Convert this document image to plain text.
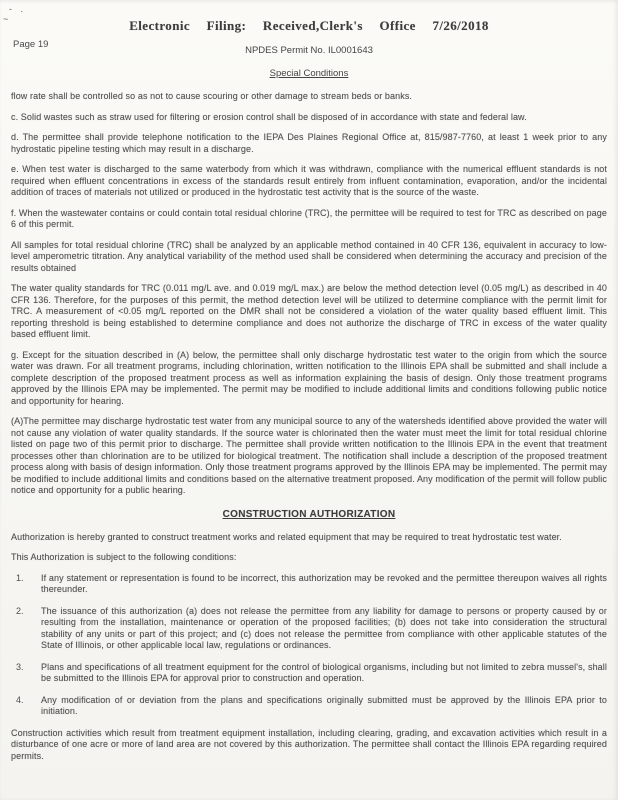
- .
~	Electronic Filing: Received,Clerk's Office 7/26/2018
Page 19
NPDES Permit No. IL0001643
Special Conditions

flow rate shall be controlled so as not to cause scouring or other damage to stream beds or banks.

c. Solid wastes such as straw used for filtering or erosion control shall be disposed of in accordance with state and federal law.

d. The permittee shall provide telephone notification to the IEPA Des Plaines Regional Office at, 815/987-7760, at least 1 week prior to any hydrostatic pipeline testing which may result in a discharge.

e. When test water is discharged to the same waterbody from which it was withdrawn, compliance with the numerical effluent standards is not required when effluent concentrations in excess of the standards result entirely from influent contamination, evaporation, and/or the incidental addition of traces of materials not utilized or produced in the hydrostatic test activity that is the source of the waste.

f. When the wastewater contains or could contain total residual chlorine (TRC), the permittee will be required to test for TRC as described on page 6 of this permit.

All samples for total residual chlorine (TRC) shall be analyzed by an applicable method contained in 40 CFR 136, equivalent in accuracy to low-level amperometric titration. Any analytical variability of the method used shall be considered when determining the accuracy and precision of the results obtained

The water quality standards for TRC (0.011 mg/L ave. and 0.019 mg/L max.) are below the method detection level (0.05 mg/L) as described in 40 CFR 136. Therefore, for the purposes of this permit, the method detection level will be utilized to determine compliance with the permit limit for TRC. A measurement of <0.05 mg/L reported on the DMR shall not be considered a violation of the water quality based effluent limit. This reporting threshold is being established to determine compliance and does not authorize the discharge of TRC in excess of the water quality based effluent limit.

g. Except for the situation described in (A) below, the permittee shall only discharge hydrostatic test water to the origin from which the source water was drawn. For all treatment programs, including chlorination, written notification to the Illinois EPA shall be submitted and shall include a complete description of the proposed treatment process as well as information explaining the basis of design. Only those treatment programs approved by the Illinois EPA may be implemented. The permit may be modified to include additional limits and conditions following public notice and opportunity for hearing.

(A)The permittee may discharge hydrostatic test water from any municipal source to any of the watersheds identified above provided the water will not cause any violation of water quality standards. If the source water is chlorinated then the water must meet the limit for total residual chlorine listed on page two of this permit prior to discharge. The permittee shall provide written notification to the Illinois EPA in the event that treatment processes other than chlorination are to be utilized for biological treatment. The notification shall include a description of the proposed treatment process along with basis of design information. Only those treatment programs approved by the Illinois EPA may be implemented. The permit may be modified to include additional limits and conditions based on the alternative treatment proposed. Any modification of the permit will follow public notice and opportunity for a public hearing.

CONSTRUCTION AUTHORIZATION

Authorization is hereby granted to construct treatment works and related equipment that may be required to treat hydrostatic test water.

This Authorization is subject to the following conditions:

1.	If any statement or representation is found to be incorrect, this authorization may be revoked and the permittee thereupon waives all rights thereunder.
2.	The issuance of this authorization (a) does not release the permittee from any liability for damage to persons or property caused by or resulting from the installation, maintenance or operation of the proposed facilities; (b) does not take into consideration the structural stability of any units or part of this project; and (c) does not release the permittee from compliance with other applicable statutes of the State of Illinois, or other applicable local law, regulations or ordinances.
3.	Plans and specifications of all treatment equipment for the control of biological organisms, including but not limited to zebra mussel's, shall be submitted to the Illinois EPA for approval prior to construction and operation.
4.	Any modification of or deviation from the plans and specifications originally submitted must be approved by the Illinois EPA prior to initiation.

Construction activities which result from treatment equipment installation, including clearing, grading, and excavation activities which result in a disturbance of one acre or more of land area are not covered by this authorization. The permittee shall contact the Illinois EPA regarding required permits.
